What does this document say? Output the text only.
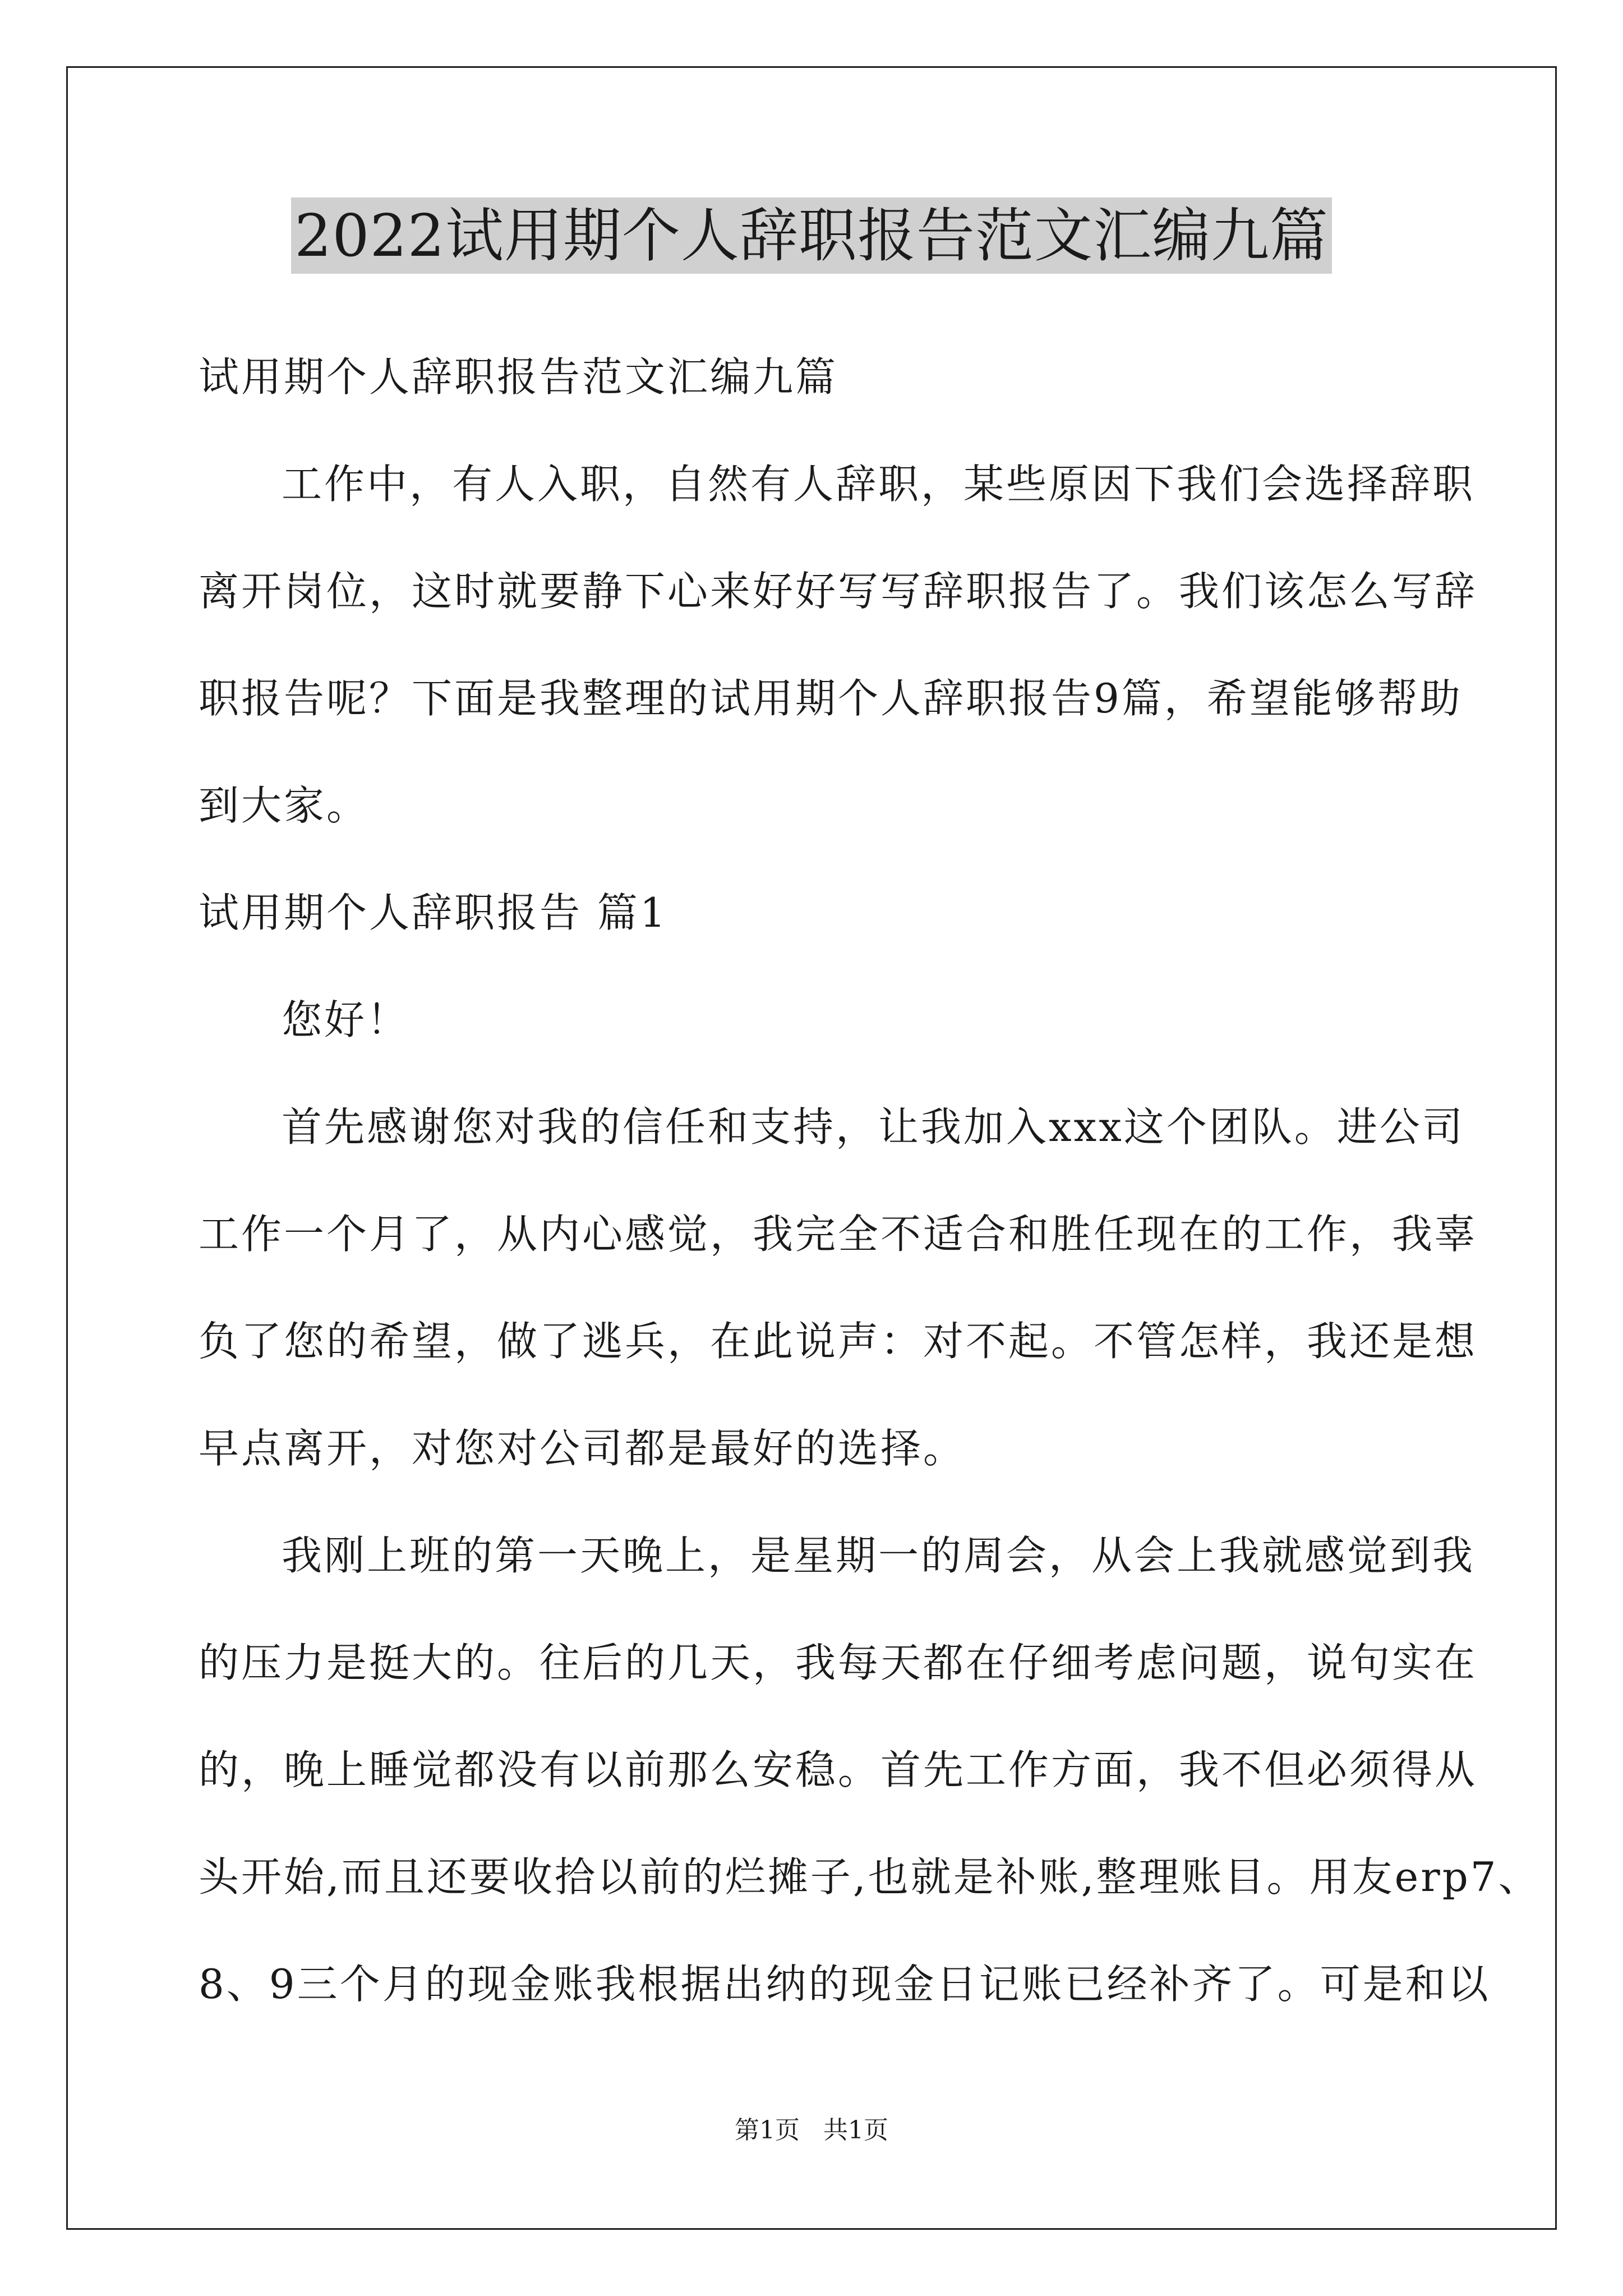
2022试用期个人辞职报告范文汇编九篇
试用期个人辞职报告范文汇编九篇
工作中，有人入职，自然有人辞职，某些原因下我们会选择辞职
离开岗位，这时就要静下心来好好写写辞职报告了。我们该怎么写辞
职报告呢？下面是我整理的试用期个人辞职报告9篇，希望能够帮助
到大家。
试用期个人辞职报告 篇1
您好！
首先感谢您对我的信任和支持，让我加入xxx这个团队。进公司
工作一个月了，从内心感觉，我完全不适合和胜任现在的工作，我辜
负了您的希望，做了逃兵，在此说声：对不起。不管怎样，我还是想
早点离开，对您对公司都是最好的选择。
我刚上班的第一天晚上，是星期一的周会，从会上我就感觉到我
的压力是挺大的。往后的几天，我每天都在仔细考虑问题，说句实在
的，晚上睡觉都没有以前那么安稳。首先工作方面，我不但必须得从
头开始,而且还要收拾以前的烂摊子,也就是补账,整理账目。用友erp7、
8、9三个月的现金账我根据出纳的现金日记账已经补齐了。可是和以
第1页   共1页
